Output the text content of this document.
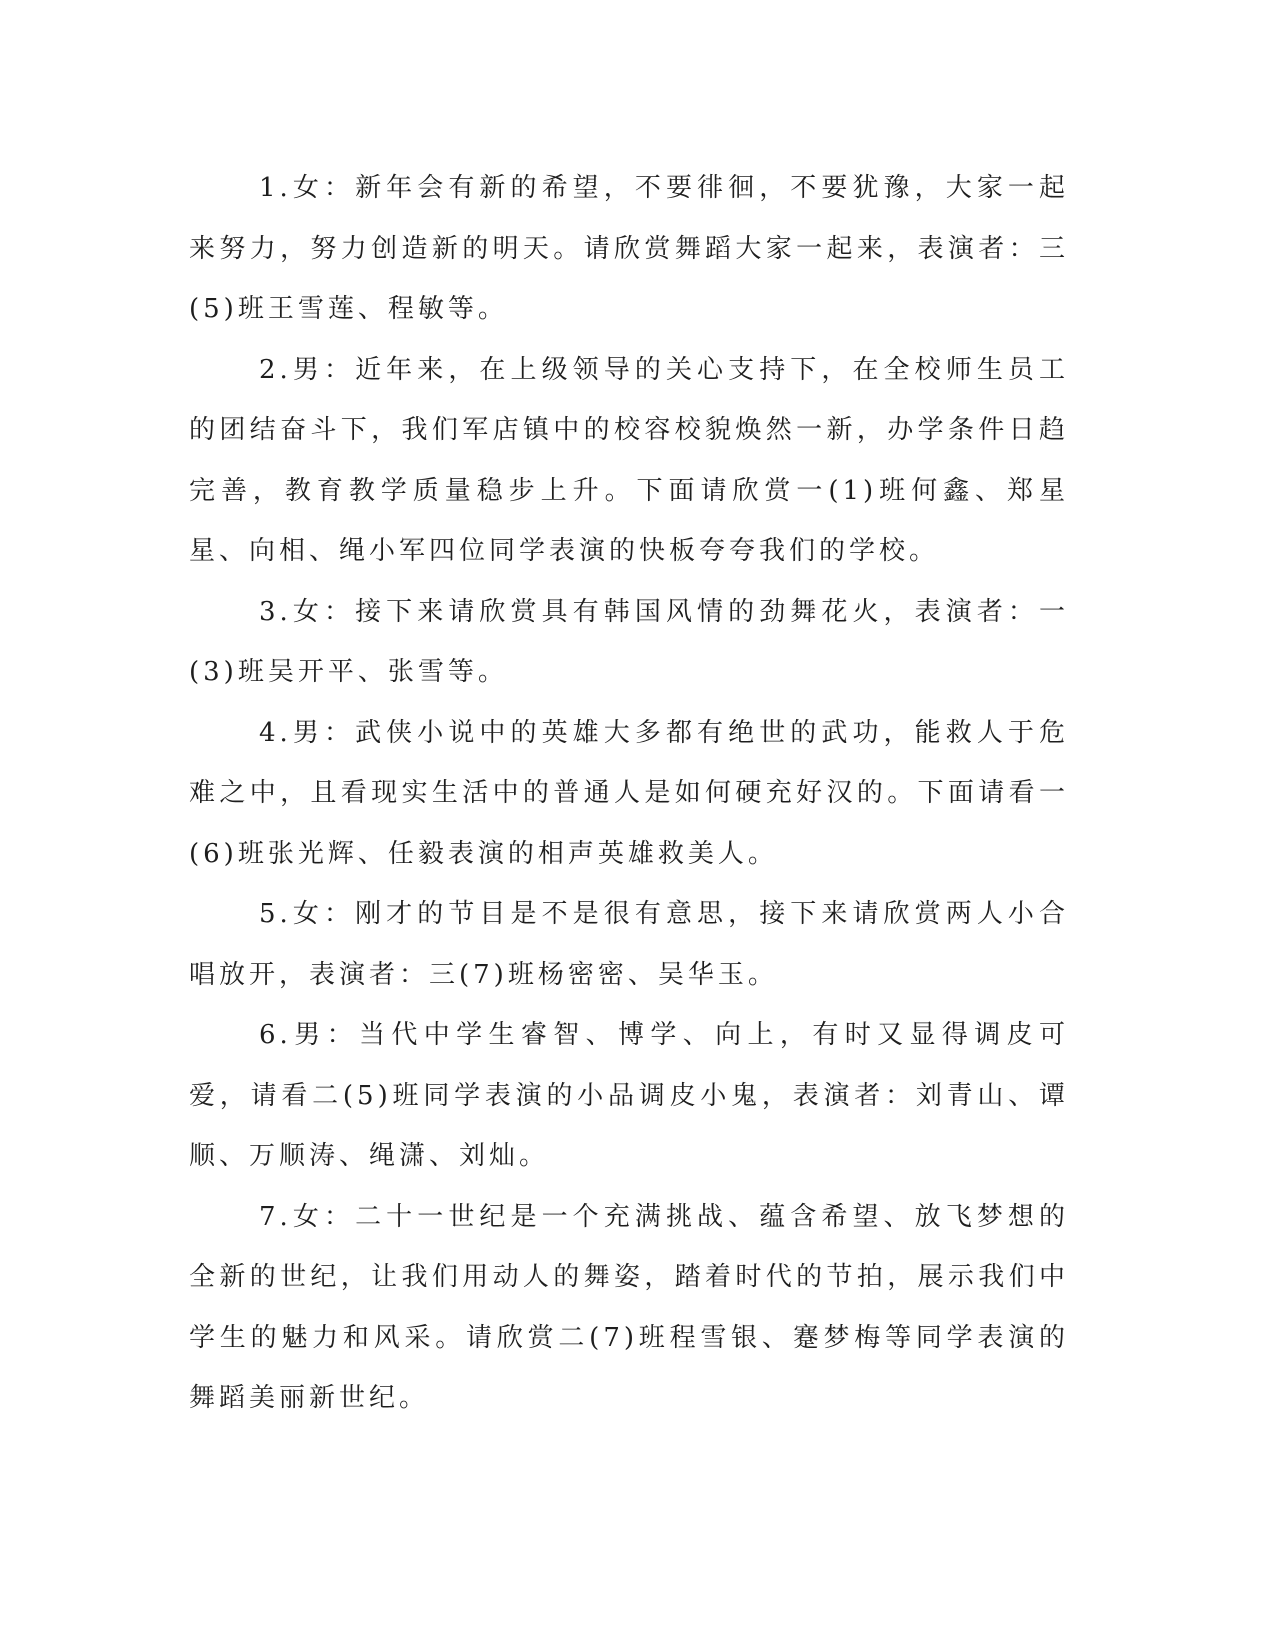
1.女：新年会有新的希望，不要徘徊，不要犹豫，大家一起来努力，努力创造新的明天。请欣赏舞蹈大家一起来，表演者：三(5)班王雪莲、程敏等。

2.男：近年来，在上级领导的关心支持下，在全校师生员工的团结奋斗下，我们军店镇中的校容校貌焕然一新，办学条件日趋完善，教育教学质量稳步上升。下面请欣赏一(1)班何鑫、郑星星、向相、绳小军四位同学表演的快板夸夸我们的学校。

3.女：接下来请欣赏具有韩国风情的劲舞花火，表演者：一(3)班吴开平、张雪等。

4.男：武侠小说中的英雄大多都有绝世的武功，能救人于危难之中，且看现实生活中的普通人是如何硬充好汉的。下面请看一(6)班张光辉、任毅表演的相声英雄救美人。

5.女：刚才的节目是不是很有意思，接下来请欣赏两人小合唱放开，表演者：三(7)班杨密密、吴华玉。

6.男：当代中学生睿智、博学、向上，有时又显得调皮可爱，请看二(5)班同学表演的小品调皮小鬼，表演者：刘青山、谭顺、万顺涛、绳潇、刘灿。

7.女：二十一世纪是一个充满挑战、蕴含希望、放飞梦想的全新的世纪，让我们用动人的舞姿，踏着时代的节拍，展示我们中学生的魅力和风采。请欣赏二(7)班程雪银、蹇梦梅等同学表演的舞蹈美丽新世纪。
